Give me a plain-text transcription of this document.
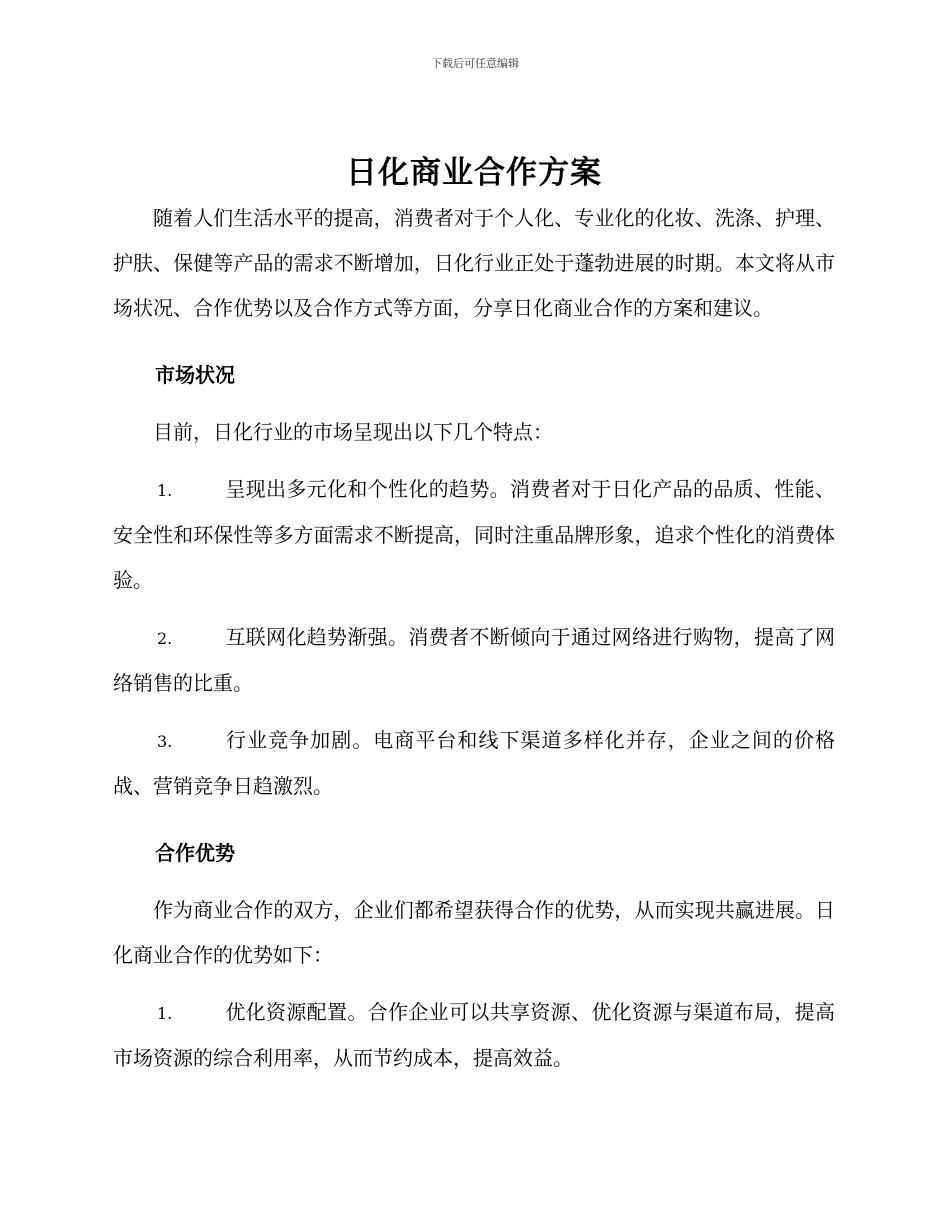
下载后可任意编辑
日化商业合作方案

随着人们生活水平的提高，消费者对于个人化、专业化的化妆、洗涤、护理、护肤、保健等产品的需求不断增加，日化行业正处于蓬勃进展的时期。本文将从市场状况、合作优势以及合作方式等方面，分享日化商业合作的方案和建议。

市场状况

目前，日化行业的市场呈现出以下几个特点：

1.	呈现出多元化和个性化的趋势。消费者对于日化产品的品质、性能、安全性和环保性等多方面需求不断提高，同时注重品牌形象，追求个性化的消费体验。

2.	互联网化趋势渐强。消费者不断倾向于通过网络进行购物，提高了网络销售的比重。

3.	行业竞争加剧。电商平台和线下渠道多样化并存，企业之间的价格战、营销竞争日趋激烈。

合作优势

作为商业合作的双方，企业们都希望获得合作的优势，从而实现共赢进展。日化商业合作的优势如下：

1.	优化资源配置。合作企业可以共享资源、优化资源与渠道布局，提高市场资源的综合利用率，从而节约成本，提高效益。
